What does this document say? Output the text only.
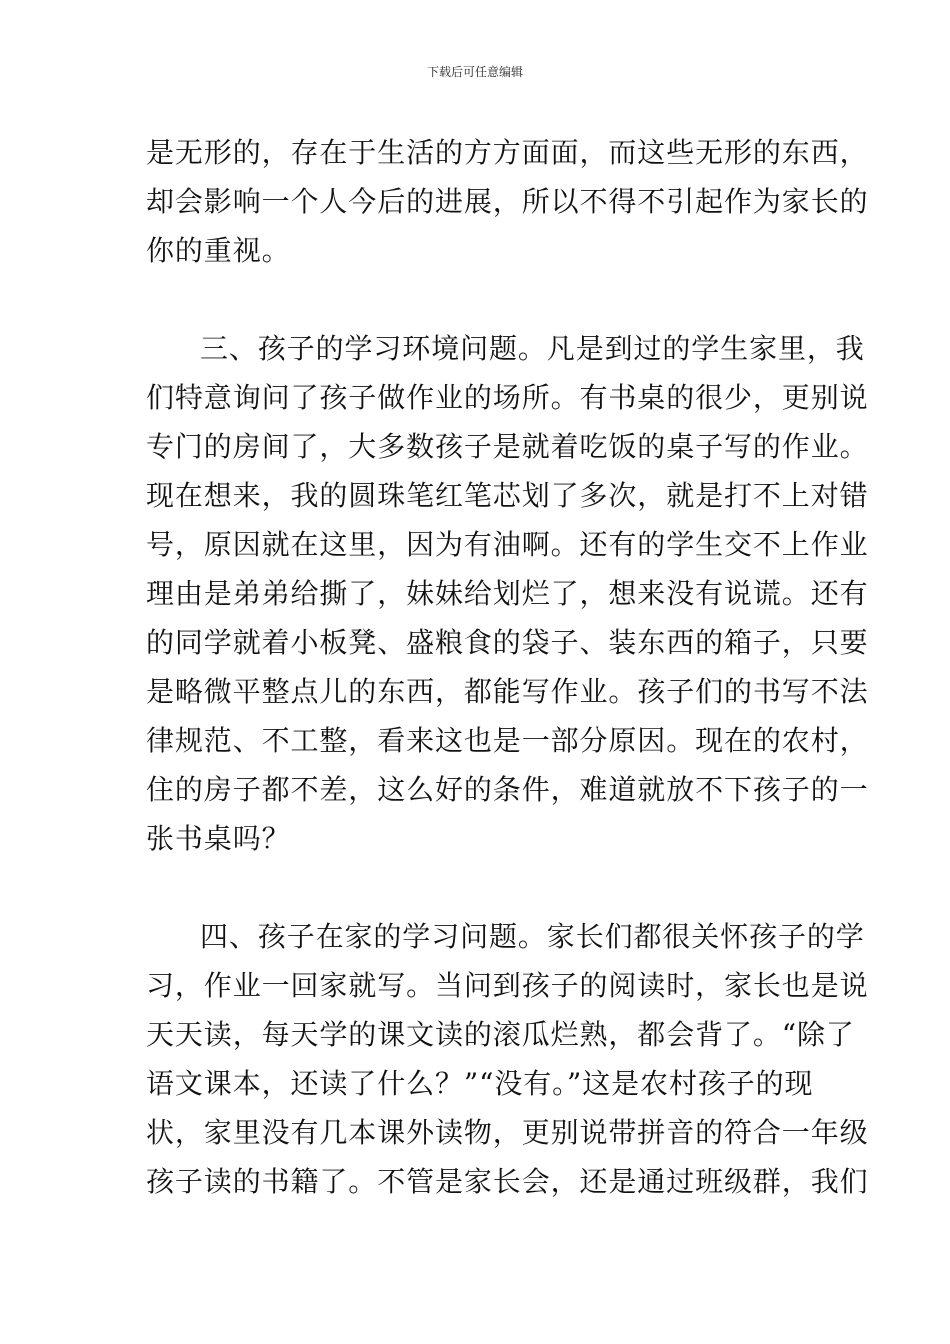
下载后可任意编辑
是无形的，存在于生活的方方面面，而这些无形的东西，
却会影响一个人今后的进展，所以不得不引起作为家长的
你的重视。
三、孩子的学习环境问题。凡是到过的学生家里，我
们特意询问了孩子做作业的场所。有书桌的很少，更别说
专门的房间了，大多数孩子是就着吃饭的桌子写的作业。
现在想来，我的圆珠笔红笔芯划了多次，就是打不上对错
号，原因就在这里，因为有油啊。还有的学生交不上作业
理由是弟弟给撕了，妹妹给划烂了，想来没有说谎。还有
的同学就着小板凳、盛粮食的袋子、装东西的箱子，只要
是略微平整点儿的东西，都能写作业。孩子们的书写不法
律规范、不工整，看来这也是一部分原因。现在的农村，
住的房子都不差，这么好的条件，难道就放不下孩子的一
张书桌吗？
四、孩子在家的学习问题。家长们都很关怀孩子的学
习，作业一回家就写。当问到孩子的阅读时，家长也是说
天天读，每天学的课文读的滚瓜烂熟，都会背了。“除了
语文课本，还读了什么？”“没有。”这是农村孩子的现
状，家里没有几本课外读物，更别说带拼音的符合一年级
孩子读的书籍了。不管是家长会，还是通过班级群，我们
